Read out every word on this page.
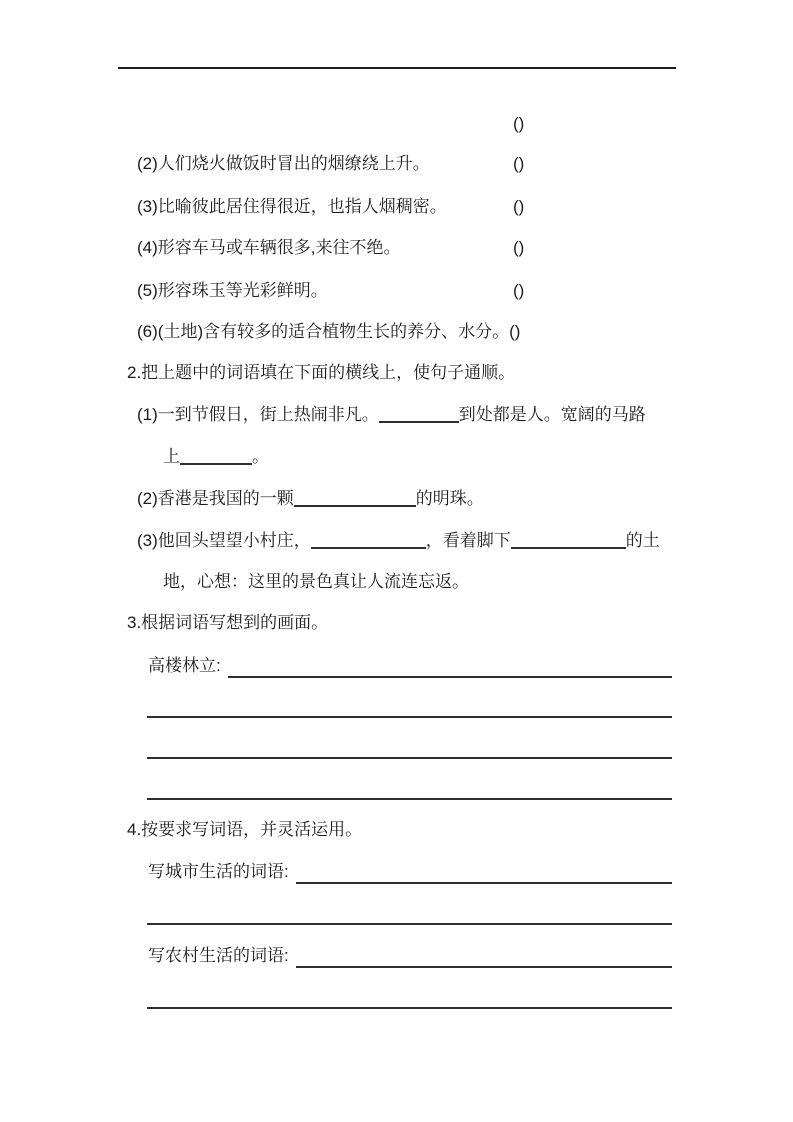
()
(2)人们烧火做饭时冒出的烟缭绕上升。	()
(3)比喻彼此居住得很近，也指人烟稠密。	()
(4)形容车马或车辆很多,来往不绝。	()
(5)形容珠玉等光彩鲜明。	()
(6)(土地)含有较多的适合植物生长的养分、水分。()
2.把上题中的词语填在下面的横线上，使句子通顺。
(1)一到节假日，街上热闹非凡。	到处都是人。宽阔的马路
上	。
(2)香港是我国的一颗	的明珠。
(3)他回头望望小村庄，	，看着脚下	的土
地，心想：这里的景色真让人流连忘返。
3.根据词语写想到的画面。
高楼林立:
4.按要求写词语，并灵活运用。
写城市生活的词语:
写农村生活的词语:
